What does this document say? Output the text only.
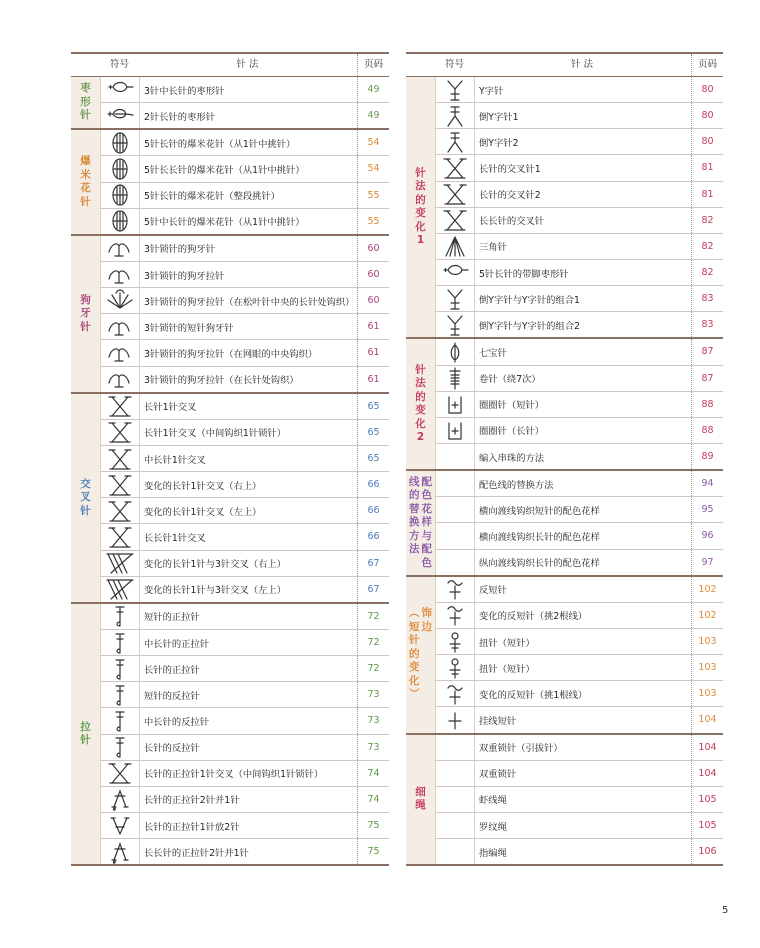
符号	针 法	页码
枣
形
针
3针中长针的枣形针	49
2针长针的枣形针	49
爆
米
花
针
5针长针的爆米花针（从1针中挑针）	54
5针长长针的爆米花针（从1针中挑针）	54
5针长针的爆米花针（整段挑针）	55
5针中长针的爆米花针（从1针中挑针）	55
狗
牙
针
3针锁针的狗牙针	60
3针锁针的狗牙拉针	60
3针锁针的狗牙拉针（在松叶针中央的长针处钩织）	60
3针锁针的短针狗牙针	61
3针锁针的狗牙拉针（在网眼的中央钩织）	61
3针锁针的狗牙拉针（在长针处钩织）	61
交
叉
针
长针1针交叉	65
长针1针交叉（中间钩织1针锁针）	65
中长针1针交叉	65
变化的长针1针交叉（右上）	66
变化的长针1针交叉（左上）	66
长长针1针交叉	66
变化的长针1针与3针交叉（右上）	67
变化的长针1针与3针交叉（左上）	67
拉
针
短针的正拉针	72
中长针的正拉针	72
长针的正拉针	72
短针的反拉针	73
中长针的反拉针	73
长针的反拉针	73
长针的正拉针1针交叉（中间钩织1针锁针）	74
长针的正拉针2针并1针	74
长针的正拉针1针放2针	75
长长针的正拉针2针并1针	75
符号	针 法	页码
针
法
的
变
化
1
Y字针	80
倒Y字针1	80
倒Y字针2	80
长针的交叉针1	81
长针的交叉针2	81
长长针的交叉针	82
三角针	82
5针长针的带脚枣形针	82
倒Y字针与Y字针的组合1	83
倒Y字针与Y字针的组合2	83
针
法
的
变
化
2
七宝针	87
卷针（绕7次）	87
圈圈针（短针）	88
圈圈针（长针）	88
编入串珠的方法	89
配
色
花
样
与
配
色
线
的
替
换
方
法
配色线的替换方法	94
横向渡线钩织短针的配色花样	95
横向渡线钩织长针的配色花样	96
纵向渡线钩织长针的配色花样	97
饰
边
︵
短
针
的
变
化
︶
反短针	102
变化的反短针（挑2根线）	102
扭针（短针）	103
扭针（短针）	103
变化的反短针（挑1根线）	103
挂线短针	104
细
绳
双重锁针（引拔针）	104
双重锁针	104
虾线绳	105
罗纹绳	105
指编绳	106
5
